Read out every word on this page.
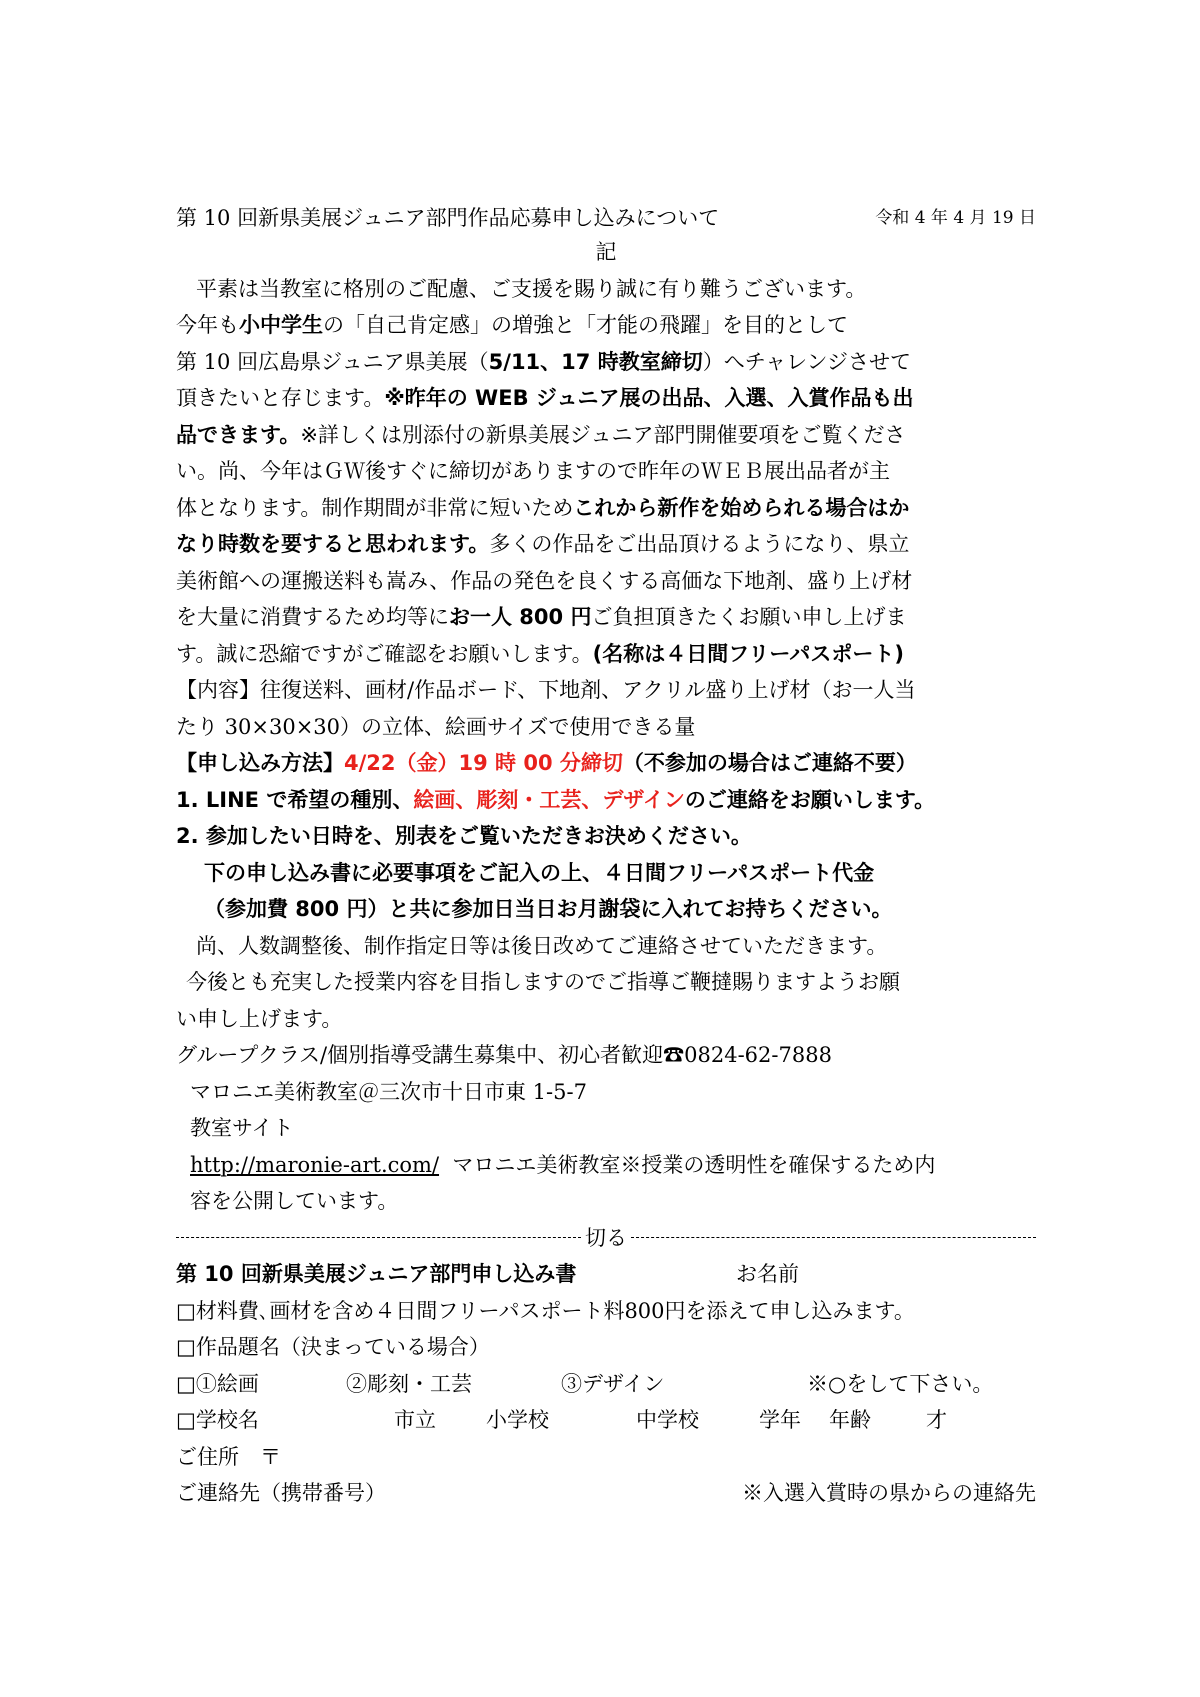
第 10 回新県美展ジュニア部門作品応募申し込みについて	令和 4 年 4 月 19 日
記
平素は当教室に格別のご配慮、ご支援を賜り誠に有り難うございます。
今年も小中学生の「自己肯定感」の増強と「才能の飛躍」を目的として
第 10 回広島県ジュニア県美展（5/11、17 時教室締切）へチャレンジさせて
頂きたいと存じます。※昨年の WEB ジュニア展の出品、入選、入賞作品も出
品できます。※詳しくは別添付の新県美展ジュニア部門開催要項をご覧くださ
い。尚、今年はＧＷ後すぐに締切がありますので昨年のＷＥＢ展出品者が主
体となります。制作期間が非常に短いためこれから新作を始められる場合はか
なり時数を要すると思われます。多くの作品をご出品頂けるようになり、県立
美術館への運搬送料も嵩み、作品の発色を良くする高価な下地剤、盛り上げ材
を大量に消費するため均等にお一人 800 円ご負担頂きたくお願い申し上げま
す。誠に恐縮ですがご確認をお願いします。(名称は４日間フリーパスポート)
【内容】往復送料、画材/作品ボード、下地剤、アクリル盛り上げ材（お一人当
たり 30×30×30）の立体、絵画サイズで使用できる量
【申し込み方法】4/22（金）19 時 00 分締切（不参加の場合はご連絡不要）
1. LINE で希望の種別、絵画、彫刻・工芸、デザインのご連絡をお願いします。
2. 参加したい日時を、別表をご覧いただきお決めください。
下の申し込み書に必要事項をご記入の上、４日間フリーパスポート代金
（参加費 800 円）と共に参加日当日お月謝袋に入れてお持ちください。
尚、人数調整後、制作指定日等は後日改めてご連絡させていただきます。
今後とも充実した授業内容を目指しますのでご指導ご鞭撻賜りますようお願
い申し上げます。
グループクラス/個別指導受講生募集中、初心者歓迎☎0824-62-7888
マロニエ美術教室＠三次市十日市東 1-5-7
教室サイト
http://maronie-art.com/ マロニエ美術教室※授業の透明性を確保するため内
容を公開しています。
切る
第 10 回新県美展ジュニア部門申し込み書	お名前
□材料費､画材を含め４日間フリーパスポート料800円を添えて申し込みます。
□作品題名（決まっている場合）
□①絵画	②彫刻・工芸	③デザイン	※○をして下さい。
□学校名	市立 小学校	中学校	学年 年齢	才
ご住所　〒
ご連絡先（携帯番号）	※入選入賞時の県からの連絡先
